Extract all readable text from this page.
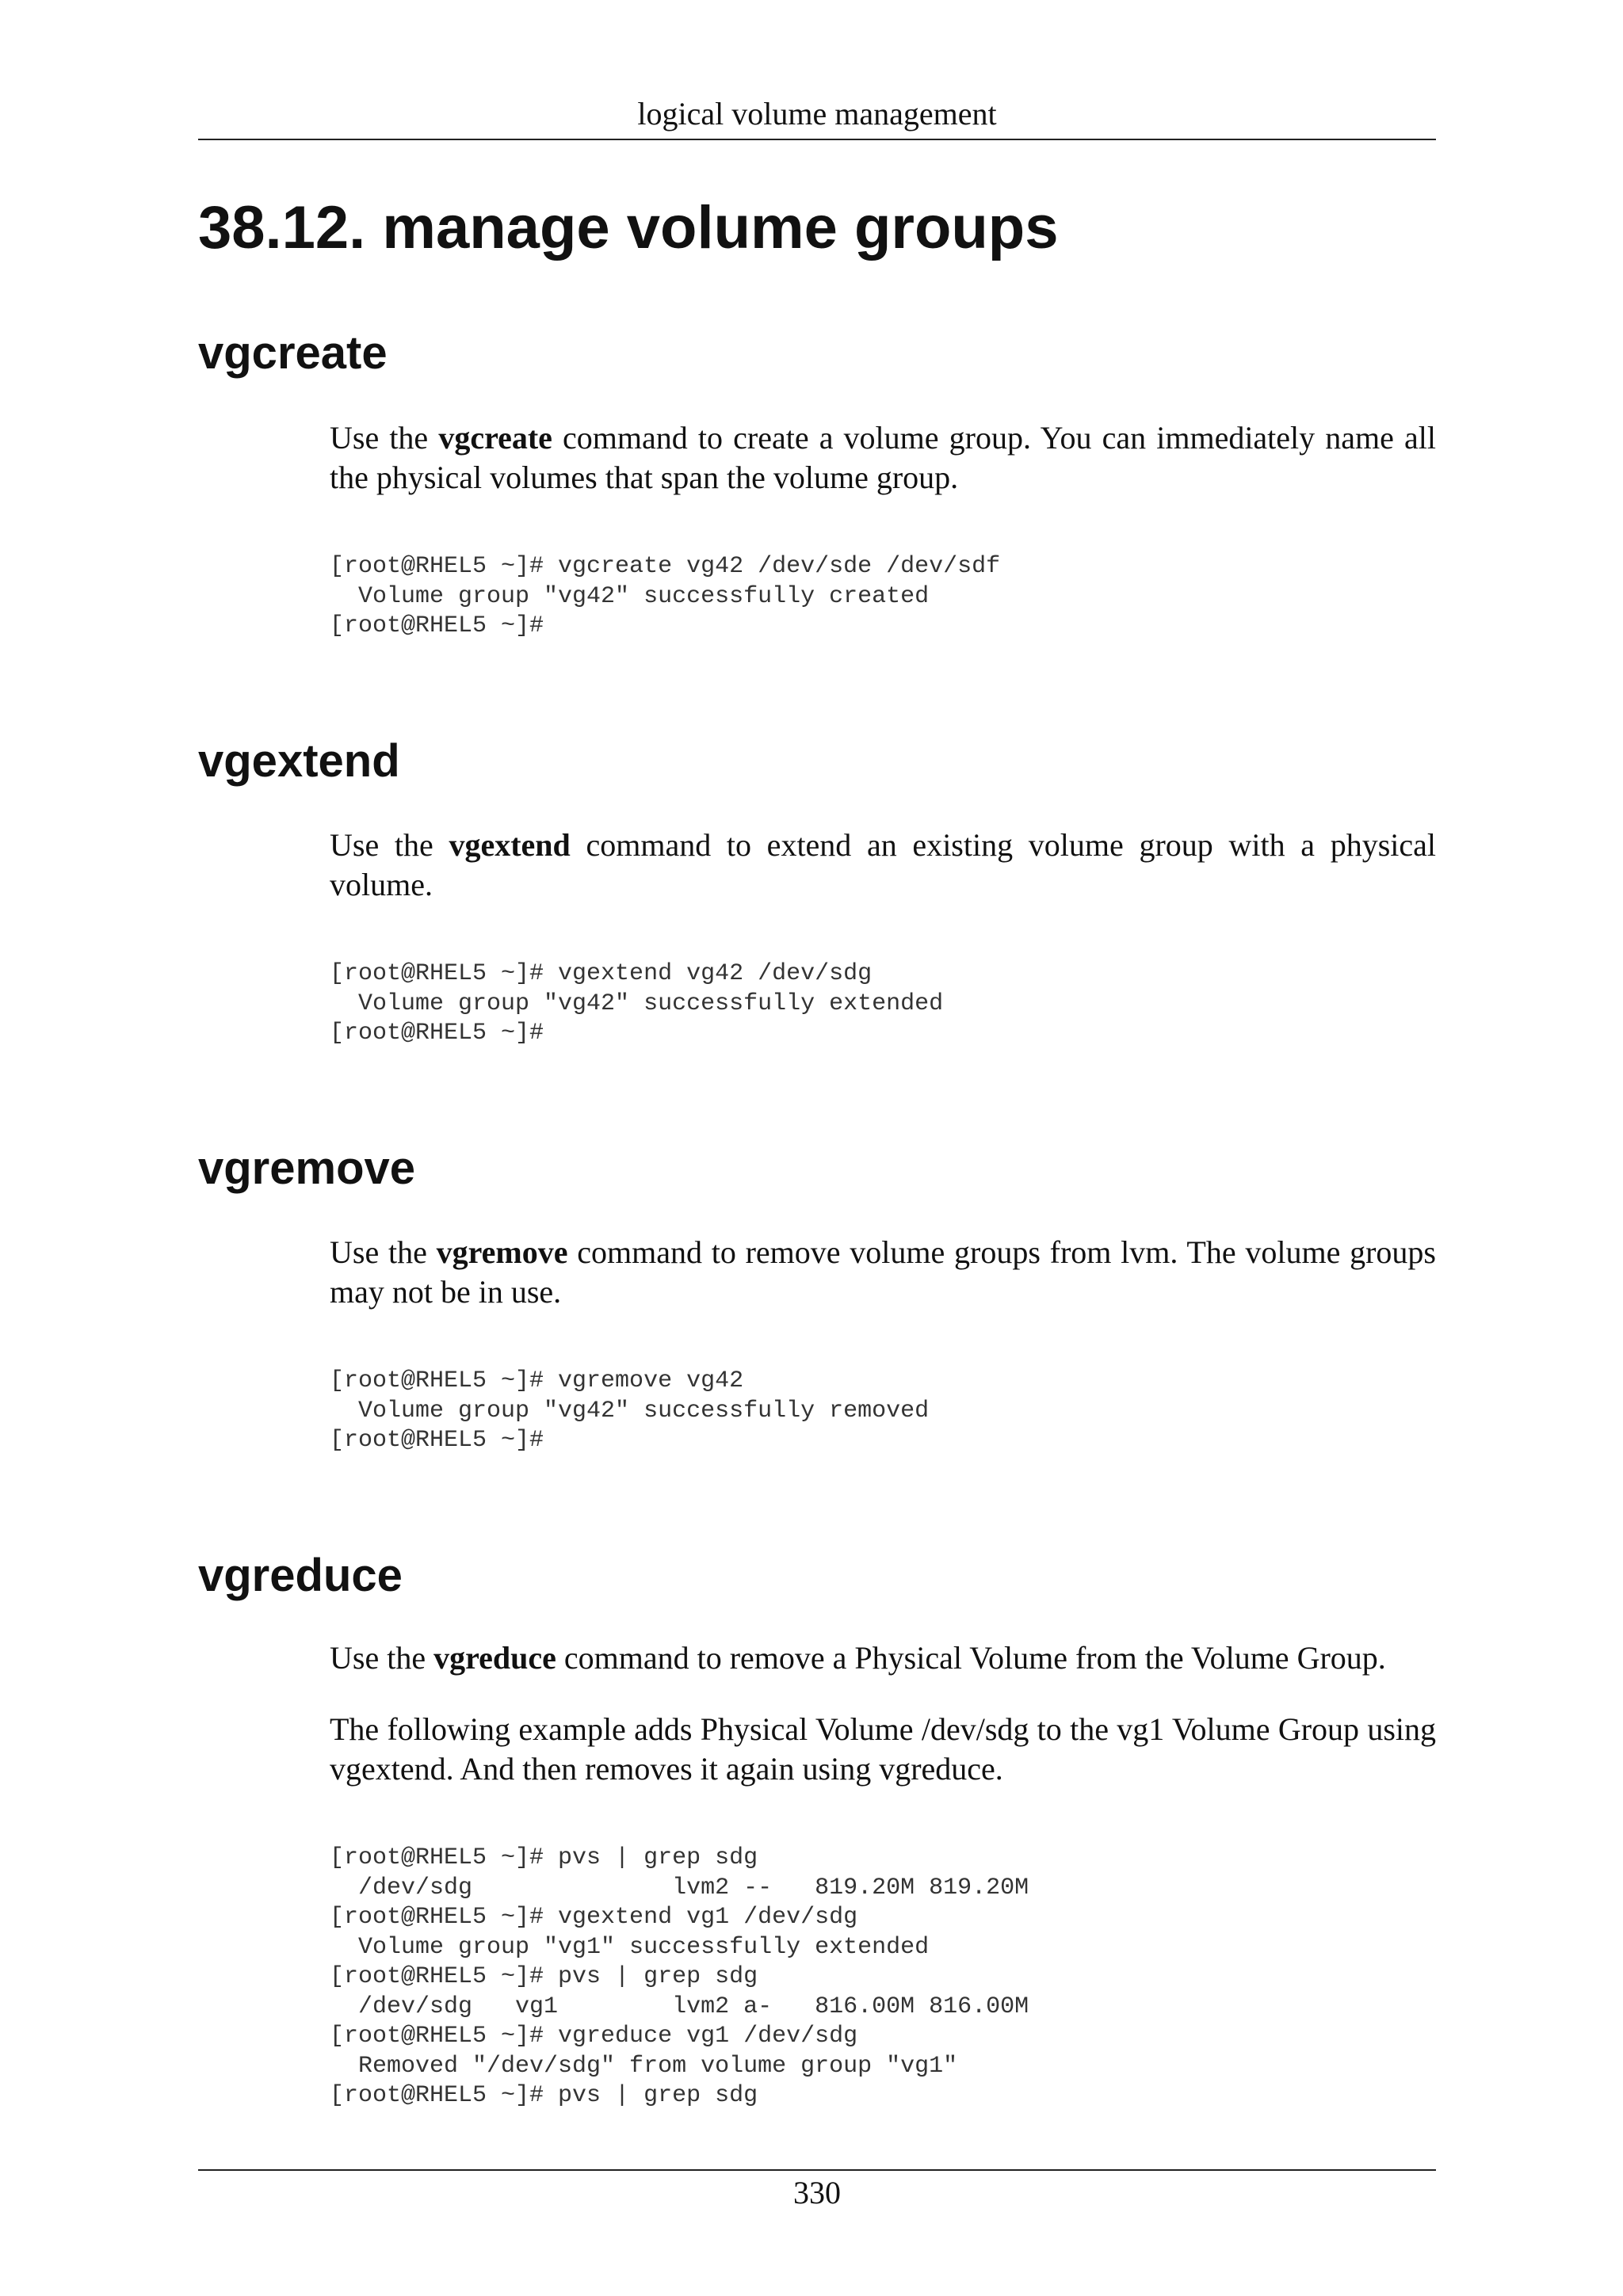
logical volume management
38.12. manage volume groups
vgcreate

Use the vgcreate command to create a volume group. You can immediately name all the physical volumes that span the volume group.

[root@RHEL5 ~]# vgcreate vg42 /dev/sde /dev/sdf
Volume group "vg42" successfully created
[root@RHEL5 ~]#
vgextend

Use the vgextend command to extend an existing volume group with a physical volume.

[root@RHEL5 ~]# vgextend vg42 /dev/sdg
Volume group "vg42" successfully extended
[root@RHEL5 ~]#
vgremove

Use the vgremove command to remove volume groups from lvm. The volume groups may not be in use.

[root@RHEL5 ~]# vgremove vg42
Volume group "vg42" successfully removed
[root@RHEL5 ~]#
vgreduce

Use the vgreduce command to remove a Physical Volume from the Volume Group.

The following example adds Physical Volume /dev/sdg to the vg1 Volume Group using vgextend. And then removes it again using vgreduce.

[root@RHEL5 ~]# pvs | grep sdg
/dev/sdg              lvm2 --   819.20M 819.20M
[root@RHEL5 ~]# vgextend vg1 /dev/sdg
Volume group "vg1" successfully extended
[root@RHEL5 ~]# pvs | grep sdg
/dev/sdg   vg1        lvm2 a-   816.00M 816.00M
[root@RHEL5 ~]# vgreduce vg1 /dev/sdg
Removed "/dev/sdg" from volume group "vg1"
[root@RHEL5 ~]# pvs | grep sdg
330
